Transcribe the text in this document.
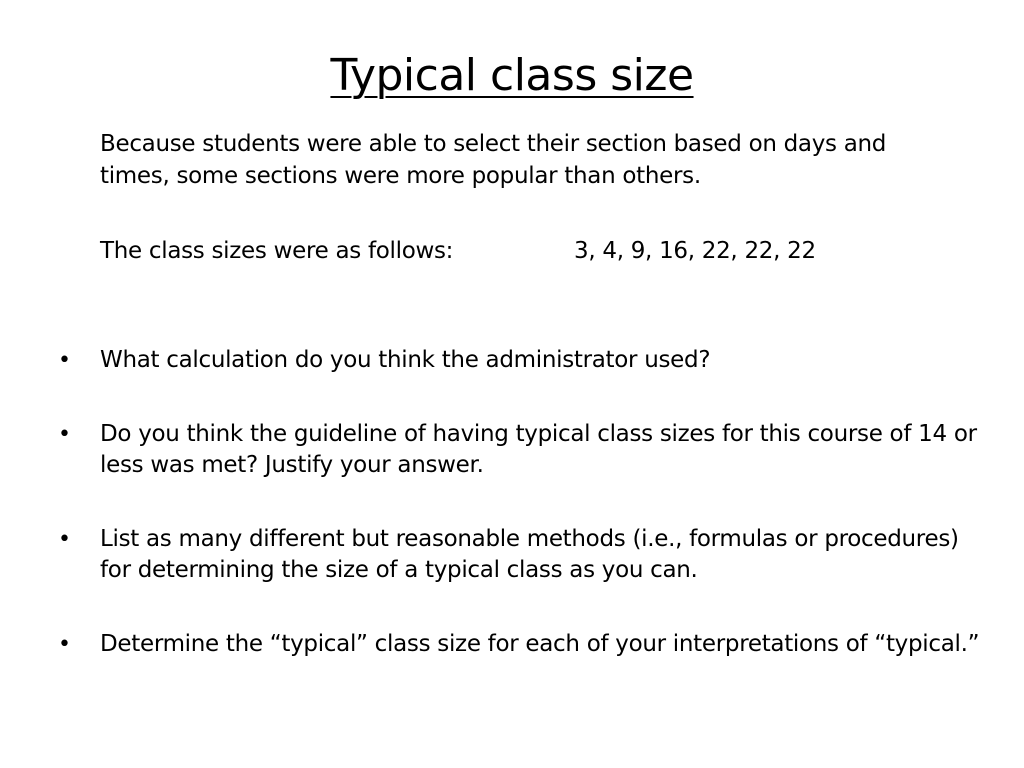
Typical class size

Because students were able to select their section based on days and times, some sections were more popular than others.

The class sizes were as follows:	3, 4, 9, 16, 22, 22, 22
• What calculation do you think the administrator used?
• Do you think the guideline of having typical class sizes for this course of 14 or less was met? Justify your answer.
• List as many different but reasonable methods (i.e., formulas or procedures) for determining the size of a typical class as you can.
• Determine the “typical” class size for each of your interpretations of “typical.”
